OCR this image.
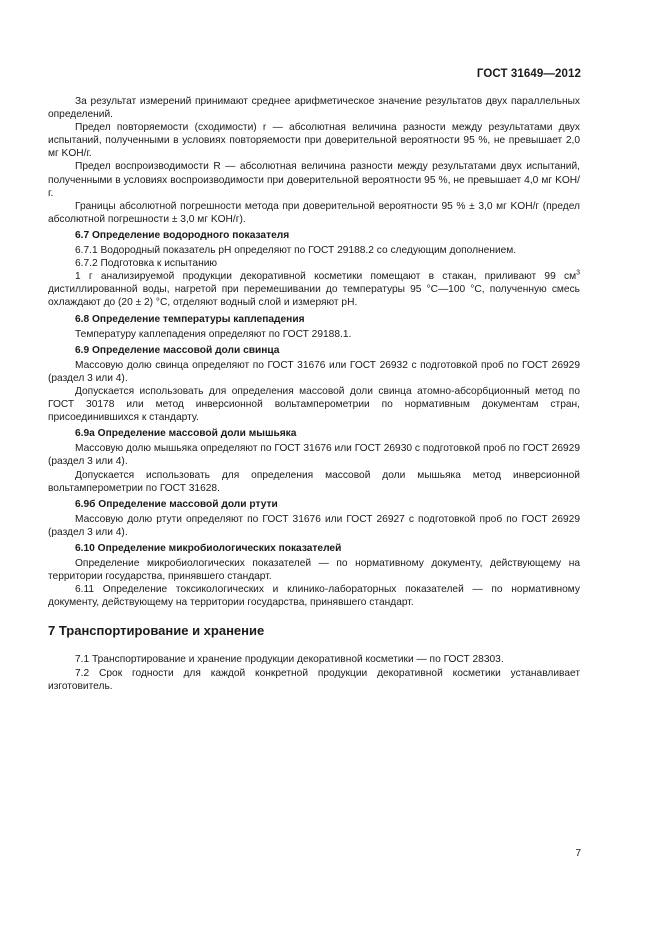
ГОСТ 31649—2012

За результат измерений принимают среднее арифметическое значение результатов двух параллельных определений.

Предел повторяемости (сходимости) r — абсолютная величина разности между результатами двух испытаний, полученными в условиях повторяемости при доверительной вероятности 95 %, не превышает 2,0 мг KOH/г.

Предел воспроизводимости R — абсолютная величина разности между результатами двух испытаний, полученными в условиях воспроизводимости при доверительной вероятности 95 %, не превышает 4,0 мг KOH/г.

Границы абсолютной погрешности метода при доверительной вероятности 95 % ± 3,0 мг KOH/г (предел абсолютной погрешности ± 3,0 мг KOH/г).

6.7 Определение водородного показателя

6.7.1 Водородный показатель pH определяют по ГОСТ 29188.2 со следующим дополнением.

6.7.2 Подготовка к испытанию

1 г анализируемой продукции декоративной косметики помещают в стакан, приливают 99 $см^3$ дистиллированной воды, нагретой при перемешивании до температуры 95 °С—100 °С, полученную смесь охлаждают до (20 ± 2) °С, отделяют водный слой и измеряют pH.

6.8 Определение температуры каплепадения

Температуру каплепадения определяют по ГОСТ 29188.1.

6.9 Определение массовой доли свинца

Массовую долю свинца определяют по ГОСТ 31676 или ГОСТ 26932 с подготовкой проб по ГОСТ 26929 (раздел 3 или 4).

Допускается использовать для определения массовой доли свинца атомно-абсорбционный метод по ГОСТ 30178 или метод инверсионной вольтамперометрии по нормативным документам стран, присоединившихся к стандарту.

6.9а Определение массовой доли мышьяка

Массовую долю мышьяка определяют по ГОСТ 31676 или ГОСТ 26930 с подготовкой проб по ГОСТ 26929 (раздел 3 или 4).

Допускается использовать для определения массовой доли мышьяка метод инверсионной вольтамперометрии по ГОСТ 31628.

6.9б Определение массовой доли ртути

Массовую долю ртути определяют по ГОСТ 31676 или ГОСТ 26927 с подготовкой проб по ГОСТ 26929 (раздел 3 или 4).

6.10 Определение микробиологических показателей

Определение микробиологических показателей — по нормативному документу, действующему на территории государства, принявшего стандарт.

6.11 Определение токсикологических и клинико-лабораторных показателей — по нормативному документу, действующему на территории государства, принявшего стандарт.

7 Транспортирование и хранение

7.1 Транспортирование и хранение продукции декоративной косметики — по ГОСТ 28303.

7.2 Срок годности для каждой конкретной продукции декоративной косметики устанавливает изготовитель.

7
